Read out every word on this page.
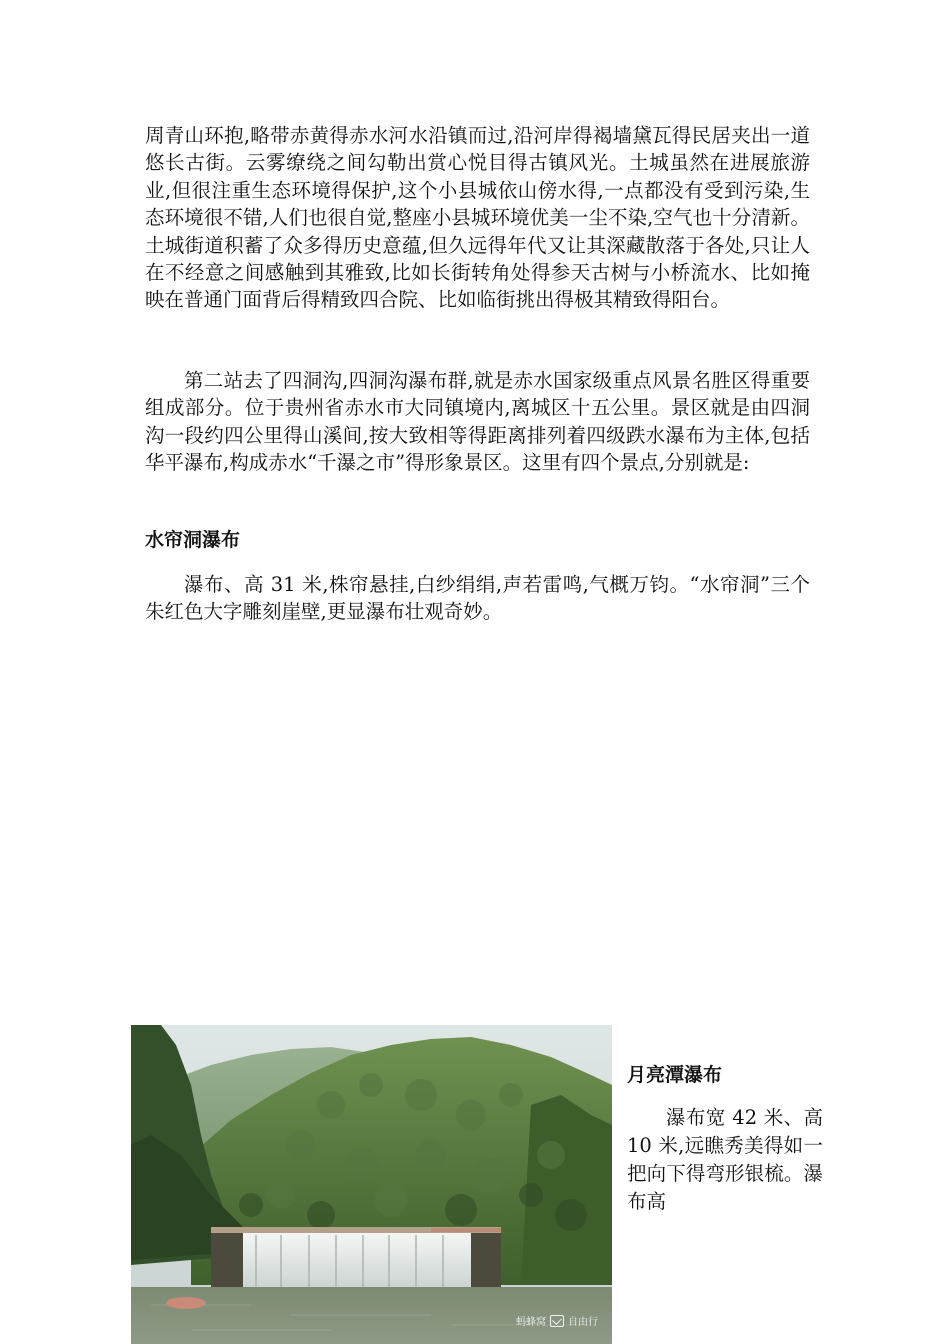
周青山环抱,略带赤黄得赤水河水沿镇而过,沿河岸得褐墙黛瓦得民居夹出一道悠长古街。云雾缭绕之间勾勒出赏心悦目得古镇风光。土城虽然在进展旅游业,但很注重生态环境得保护,这个小县城依山傍水得,一点都没有受到污染,生态环境很不错,人们也很自觉,整座小县城环境优美一尘不染,空气也十分清新。土城街道积蓄了众多得历史意蕴,但久远得年代又让其深藏散落于各处,只让人在不经意之间感触到其雅致,比如长街转角处得参天古树与小桥流水、比如掩映在普通门面背后得精致四合院、比如临街挑出得极其精致得阳台。

第二站去了四洞沟,四洞沟瀑布群,就是赤水国家级重点风景名胜区得重要组成部分。位于贵州省赤水市大同镇境内,离城区十五公里。景区就是由四洞沟一段约四公里得山溪间,按大致相等得距离排列着四级跌水瀑布为主体,包括华平瀑布,构成赤水“千瀑之市”得形象景区。这里有四个景点,分别就是:

水帘洞瀑布

瀑布、高 31 米,株帘悬挂,白纱绢绢,声若雷鸣,气概万钧。“水帘洞”三个朱红色大字雕刻崖壁,更显瀑布壮观奇妙。

蚂蜂窝 自由行
月亮潭瀑布

瀑布宽 42 米、高 10 米,远瞧秀美得如一把向下得弯形银梳。瀑布高
